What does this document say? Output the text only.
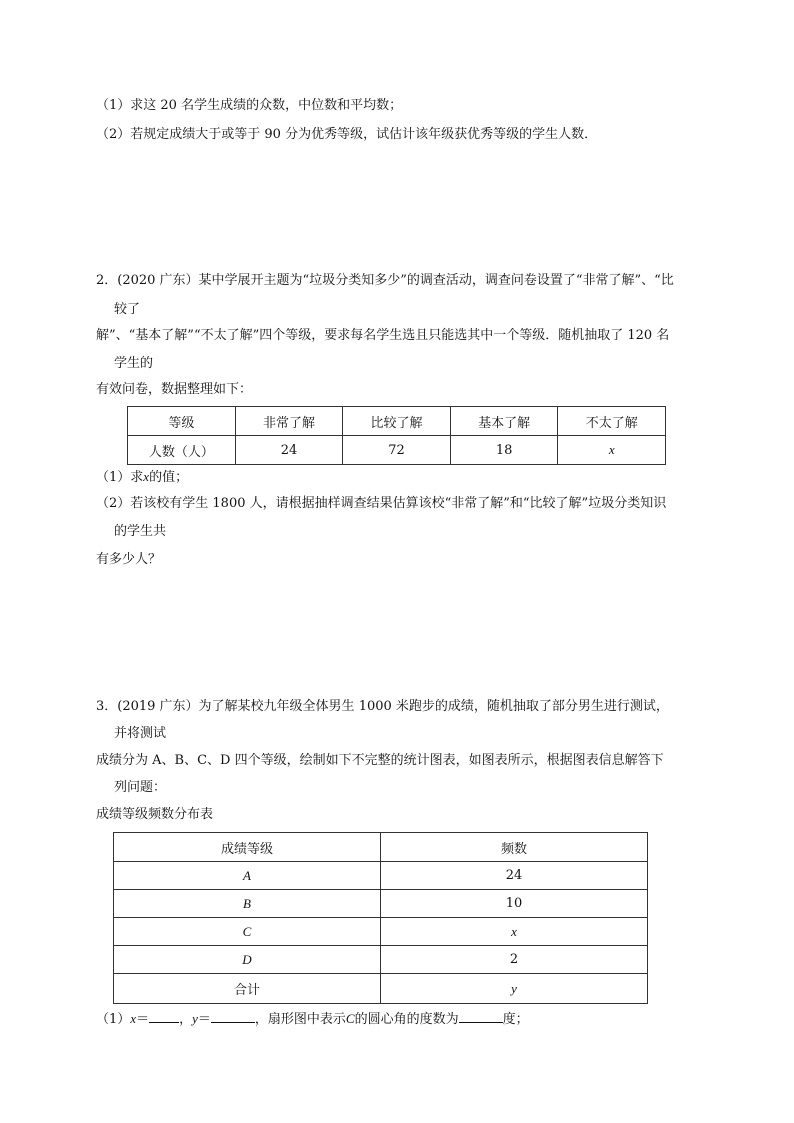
（1）求这 20 名学生成绩的众数，中位数和平均数；
（2）若规定成绩大于或等于 90 分为优秀等级，试估计该年级获优秀等级的学生人数．
2．(2020 广东）某中学展开主题为“垃圾分类知多少”的调查活动，调查问卷设置了“非常了解”、“比
较了
解”、“基本了解”“不太了解”四个等级，要求每名学生选且只能选其中一个等级．随机抽取了 120 名
学生的
有效问卷，数据整理如下：
等级	非常了解	比较了解	基本了解	不太了解
人数（人）	24	72	18	x
（1）求x的值；
（2）若该校有学生 1800 人，请根据抽样调查结果估算该校“非常了解”和“比较了解”垃圾分类知识
的学生共
有多少人？
3．(2019 广东）为了解某校九年级全体男生 1000 米跑步的成绩，随机抽取了部分男生进行测试，
并将测试
成绩分为 A、B、C、D 四个等级，绘制如下不完整的统计图表，如图表所示，根据图表信息解答下
列问题：
成绩等级频数分布表
成绩等级	频数
A	24
B	10
C	x
D	2
合计	y
（1）x＝ ，y＝	，扇形图中表示C的圆心角的度数为	度；
